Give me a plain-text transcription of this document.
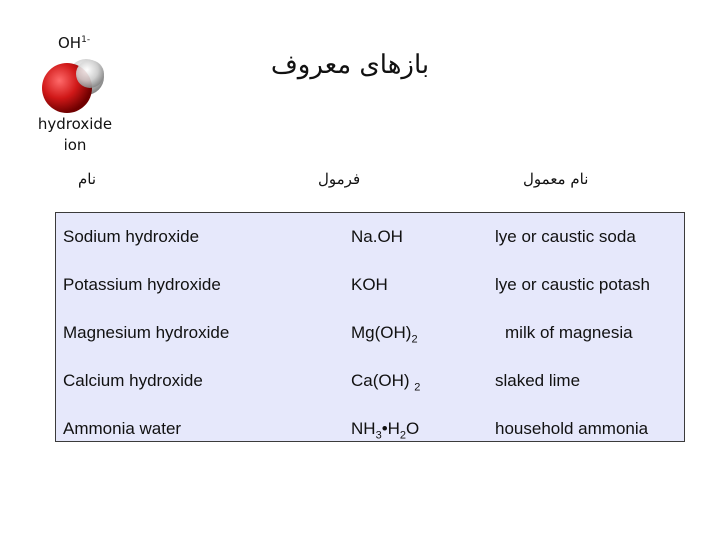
$OH^{1-}$
hydroxide
ion
بازهای معروف
نام	فرمول	نام معمول
Sodium hydroxide	Na.OH	lye or caustic soda
Potassium hydroxide	KOH	lye or caustic potash
Magnesium hydroxide	$Mg(OH)_2$	milk of magnesia
Calcium hydroxide	Ca(OH) $_2$	slaked lime
Ammonia water	$NH_3•H_2O$	household ammonia
